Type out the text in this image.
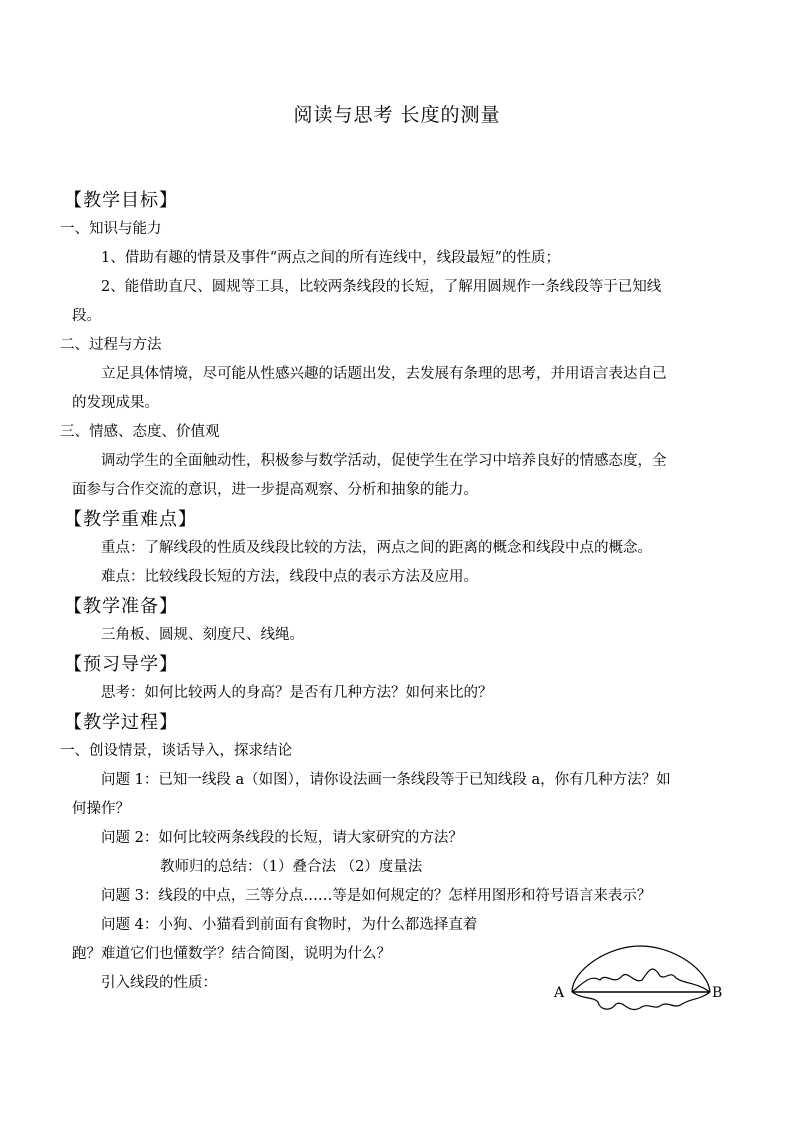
阅读与思考 长度的测量
【教学目标】
一、知识与能力
1、借助有趣的情景及事件“两点之间的所有连线中，线段最短”的性质；
2、能借助直尺、圆规等工具，比较两条线段的长短，了解用圆规作一条线段等于已知线
段。
二、过程与方法
立足具体情境，尽可能从性感兴趣的话题出发，去发展有条理的思考，并用语言表达自己
的发现成果。
三、情感、态度、价值观
调动学生的全面触动性，积极参与数学活动，促使学生在学习中培养良好的情感态度，全
面参与合作交流的意识，进一步提高观察、分析和抽象的能力。
【教学重难点】
重点：了解线段的性质及线段比较的方法，两点之间的距离的概念和线段中点的概念。
难点：比较线段长短的方法，线段中点的表示方法及应用。
【教学准备】
三角板、圆规、刻度尺、线绳。
【预习导学】
思考：如何比较两人的身高？是否有几种方法？如何来比的？
【教学过程】
一、创设情景，谈话导入，探求结论
问题 1：已知一线段 a（如图），请你设法画一条线段等于已知线段 a，你有几种方法？如
何操作？
问题 2：如何比较两条线段的长短，请大家研究的方法？
教师归的总结：（1）叠合法 （2）度量法
问题 3：线段的中点，三等分点……等是如何规定的？怎样用图形和符号语言来表示？
问题 4：小狗、小猫看到前面有食物时，为什么都选择直着
跑？难道它们也懂数学？结合简图，说明为什么？
引入线段的性质：
A	B
